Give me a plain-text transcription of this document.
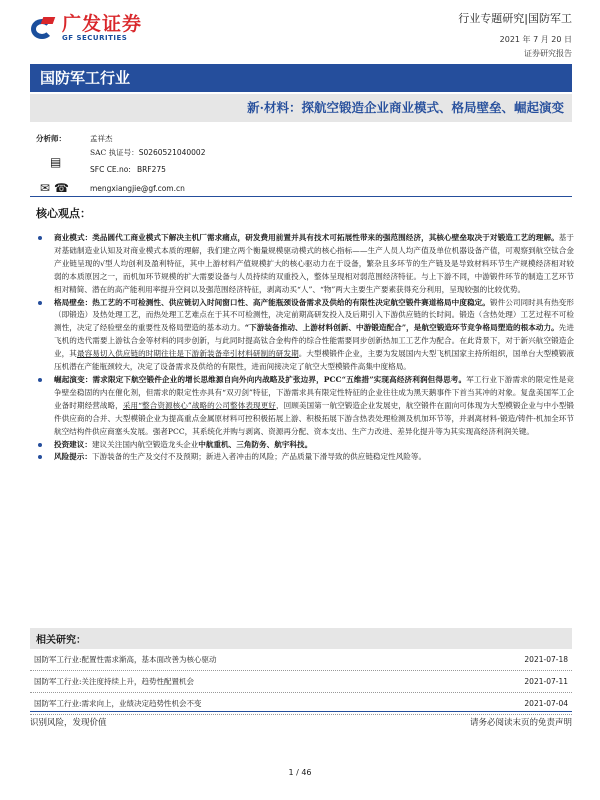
广发证券
GF SECURITIES
行业专题研究|国防军工
2021 年 7 月 20 日
证券研究报告
国防军工行业
新·材料：探航空锻造企业商业模式、格局壁垒、崛起演变
分析师：	孟祥杰
SAC 执证号： S0260521040002
SFC CE.no: BRF275
mengxiangjie@gf.com.cn
▤
✉ ☎
核心观点：
商业模式：类品圆代工商业模式下解决主机厂需求痛点，研发费用前置并具有技术可拓展性带来的强范围经济，其核心壁垒取决于对锻造工艺的理解。基于对基础制造业认知及对商业模式本质的理解，我们建立两个衡量规模驱动模式的核心指标——生产人员人均产值及单位机器设备产值，可观察到航空钛合金产业链呈现的√型人均创利及盈利特征，其中上游材料产值规模扩大的核心驱动力在于设备，繁杂且多环节的生产链及是导致材料环节生产规模经济相对较弱的本质原因之一，而机加环节规模的扩大需要设备与人员持续的双重投入，整体呈现相对弱范围经济特征。与上下游不同，中游锻件环节的制造工艺环节相对精简、潜在的高产能利用率提升空间以及强范围经济特征，剥离动买“人”、“物”两大主要生产要素获得充分利用，呈现较强的比较优势。
格局壁垒：热工艺的不可检测性、供应链切入时间窗口性、高产能瓶颈设备需求及供给的有限性决定航空锻件赛道格局中度稳定。锻件公司同时具有热变形（即锻造）及热处理工艺，而热处理工艺难点在于其不可检测性，决定前期高研发投入及后期引入下游供应链的长时间。锻造（含热处理）工艺过程不可检测性，决定了经验壁垒的重要性及格局塑造的基本动力。“下游装备推动、上游材料创新、中游锻造配合”，是航空锻造环节竞争格局塑造的根本动力。先进飞机的迭代需要上游钛合金等材料的同步创新，与此同时提高钛合金构件的综合性能需要同步创新热加工工艺作为配合。在此背景下，对于新兴航空锻造企业，其最容易切入供应链的时期往往是下游新装备牵引材料研制的研发期。大型模锻件企业，主要为发展国内大型飞机国家主持所组织，国单台大型模锻液压机潜在产能瓶颈较大，决定了设备需求及供给的有限性，进而间接决定了航空大型模锻件高集中度格局。
崛起演变：需求限定下航空锻件企业的增长思维源自向外向内战略及扩张边界，PCC“五维措”实现高经济利润但得思考。军工行业下游需求的限定性是竞争壁垒稳固的内在催化剂，但需求的限定性亦具有“双刃剑”特征，下游需求具有限定性特征的企业往往成为黑天鹅事件下首当其冲的对象。复盘美国军工企业备时期经营战略，采用“整合资源核心”战略的公司整体表现更好，回顾美国第一航空锻造企业发展史，航空锻件在面向可体现为大型模锻企业与中小型锻件供应商的合并、大型模锻企业为提高重点金属原材料可控积极拓展上游、积极拓展下游含热表处理检测及机加环节等，并剥离材料-锻造/铸件-机加全环节航空结构件供应商塞头发展。强者PCC，其系统化并购与剥离、资源再分配、资本支出、生产力改进、差异化提升等为其实现高经济利润关键。
投资建议：建议关注国内航空锻造龙头企业中航重机、三角防务、航宇科技。
风险提示：下游装备的生产及交付不及预期；新进入者冲击的风险；产品质量下滑导致的供应链稳定性风险等。
相关研究：
国防军工行业:配置性需求渐高，基本面改善为核心驱动	2021-07-18
国防军工行业:关注度持续上升，趋势性配置机会	2021-07-11
国防军工行业:需求向上，业绩决定趋势性机会不变	2021-07-04
识别风险，发现价值	请务必阅读末页的免责声明
1 / 46
